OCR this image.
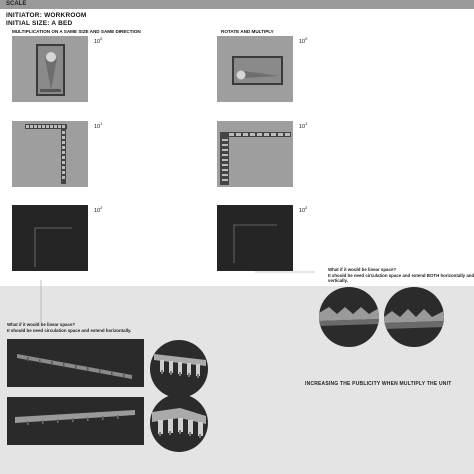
SCALE
INITIATOR: WORKROOM
INITIAL SIZE: A BED
MULTIPLICATION ON A SAME SIZE AND SAME DIRECTION	ROTATE AND MULTIPLY
$10^0$
$10^1$
$10^2$
$10^0$
$10^1$
$10^2$
What if it would be linear space?
It should be need circulation space and extend BOTH horizontally and
vertically.
What if it would be linear space?
It should be need circulation space and extend horizontally.
INCREASING THE PUBLICITY WHEN MULTIPLY THE UNIT
